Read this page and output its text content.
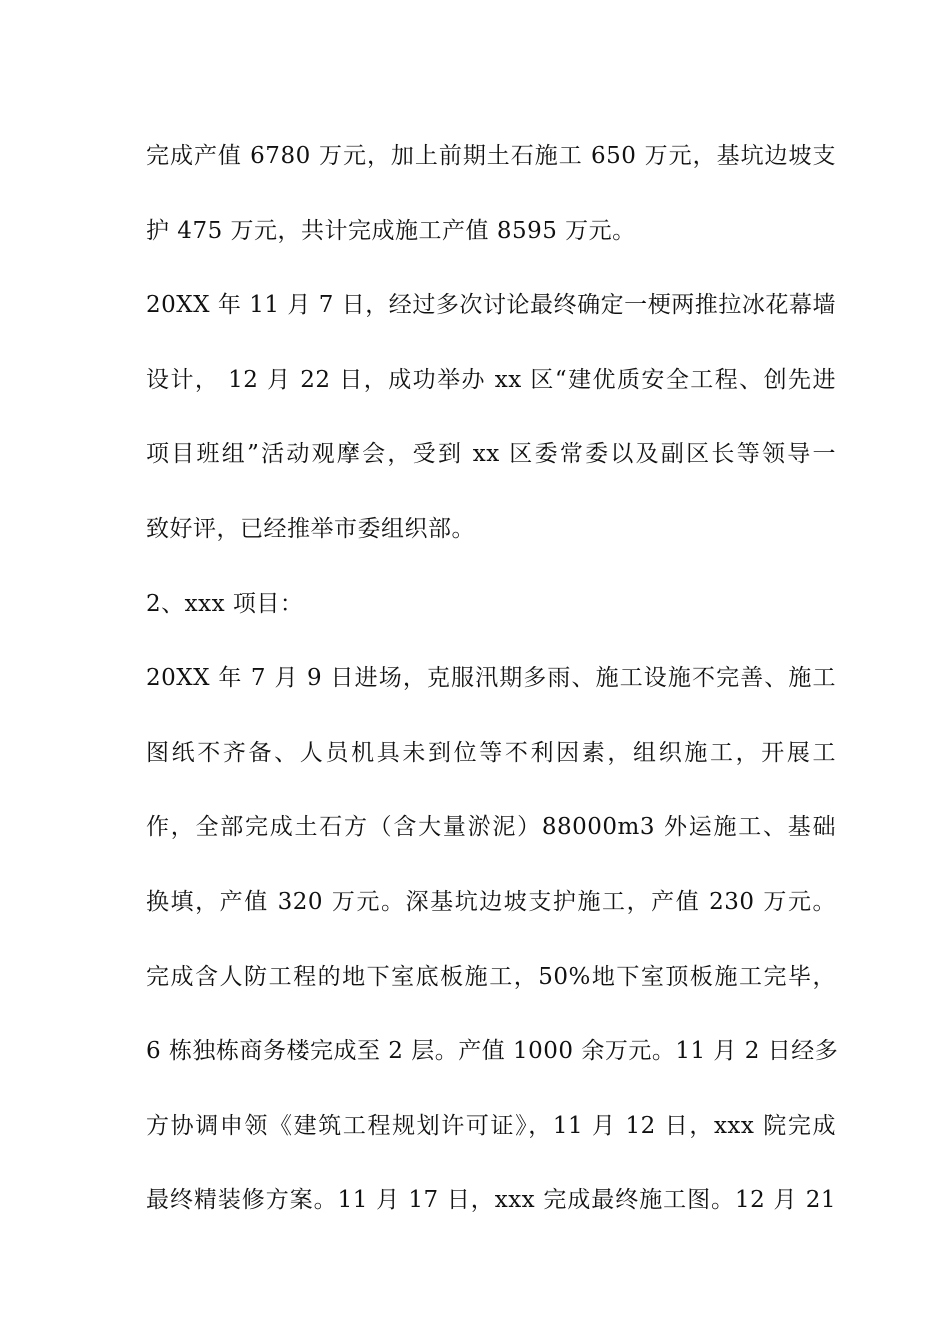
完成产值 6780 万元，加上前期土石施工 650 万元，基坑边坡支
护 475 万元，共计完成施工产值 8595 万元。
20XX 年 11 月 7 日，经过多次讨论最终确定一梗两推拉冰花幕墙
设计， 12 月 22 日，成功举办 xx 区“建优质安全工程、创先进
项目班组”活动观摩会，受到 xx 区委常委以及副区长等领导一
致好评，已经推举市委组织部。
2、xxx 项目：
20XX 年 7 月 9 日进场，克服汛期多雨、施工设施不完善、施工
图纸不齐备、人员机具未到位等不利因素，组织施工，开展工
作，全部完成土石方（含大量淤泥）88000m3 外运施工、基础
换填，产值 320 万元。深基坑边坡支护施工，产值 230 万元。
完成含人防工程的地下室底板施工，50%地下室顶板施工完毕，
6 栋独栋商务楼完成至 2 层。产值 1000 余万元。11 月 2 日经多
方协调申领《建筑工程规划许可证》，11 月 12 日，xxx 院完成
最终精装修方案。11 月 17 日，xxx 完成最终施工图。12 月 21
